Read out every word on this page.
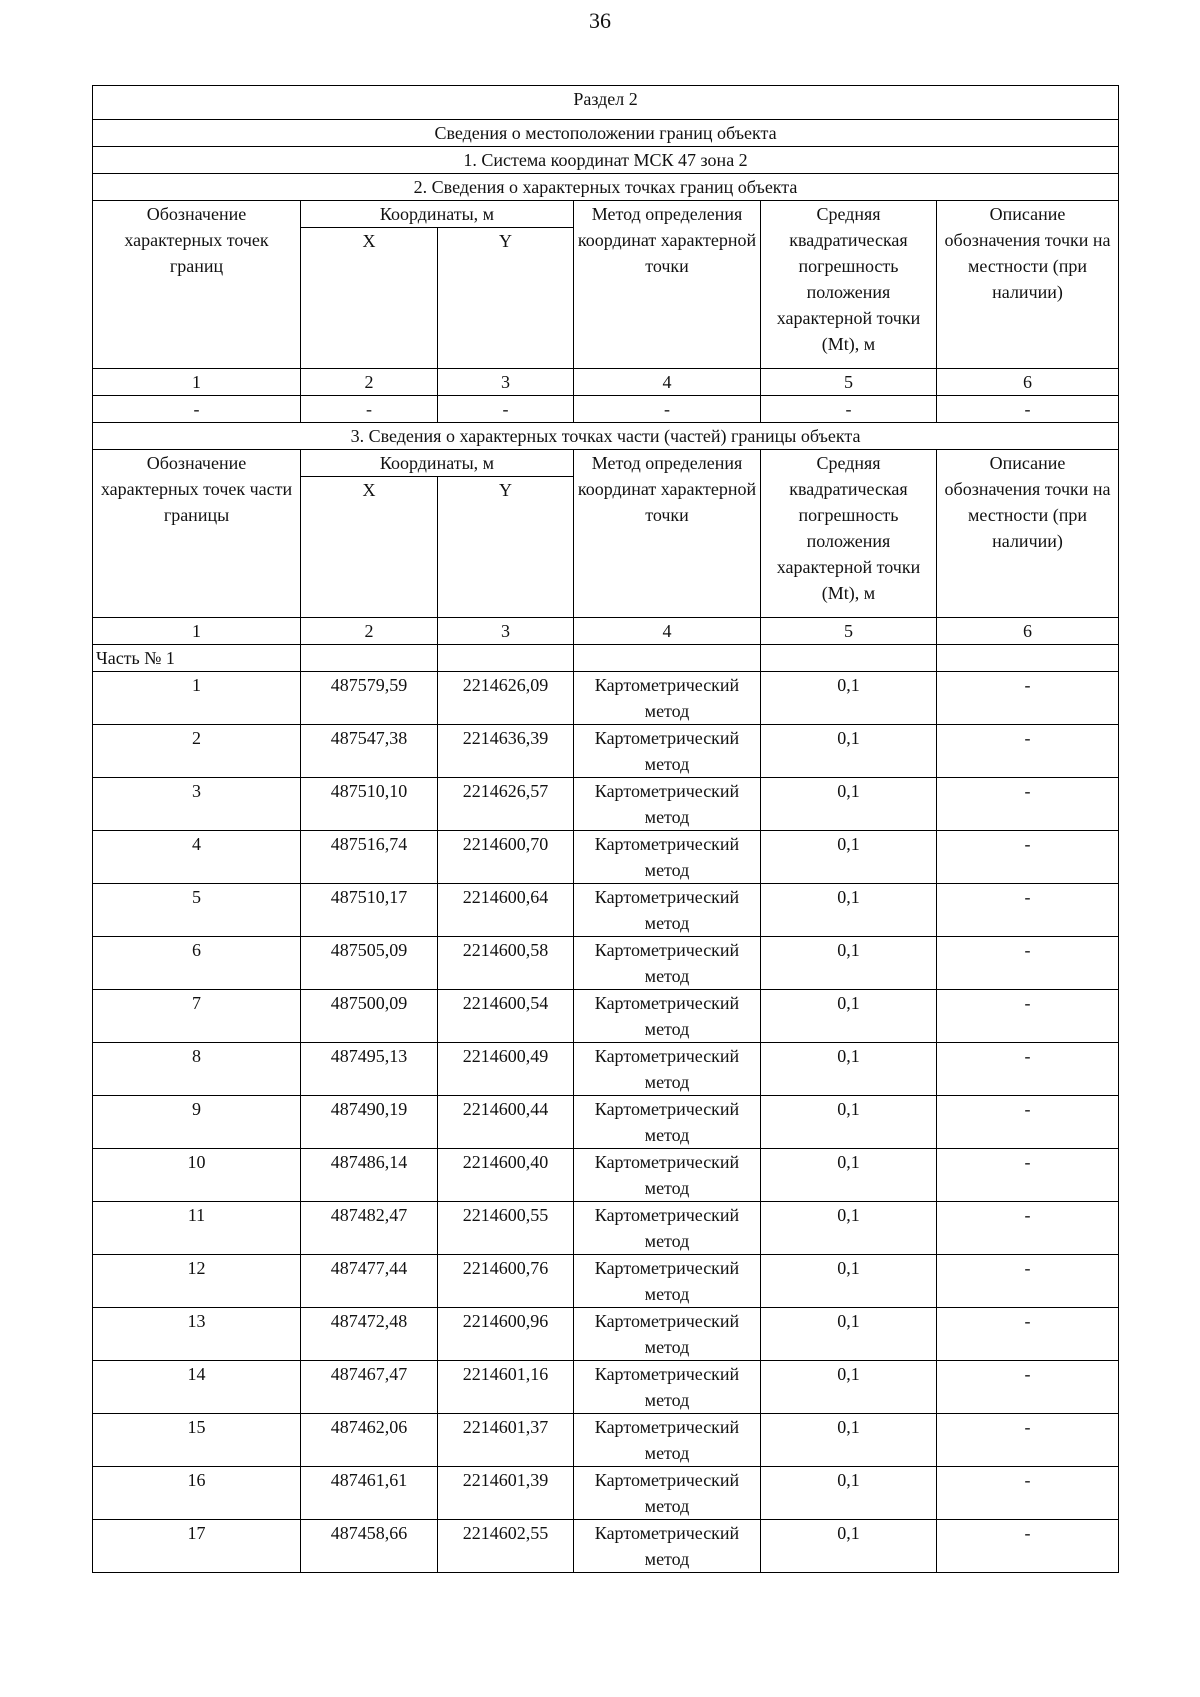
36
Раздел 2					
Сведения о местоположении границ объекта					
1. Система координат МСК 47 зона 2					
2. Сведения о характерных точках границ объекта					
Обозначение характерных точек границ	Координаты, м		Метод определения координат характерной точки	Средняя квадратическая погрешность положения характерной точки (Mt), м	Описание обозначения точки на местности (при наличии)
	X	Y			
1	2	3	4	5	6
-	-	-	-	-	-
3. Сведения о характерных точках части (частей) границы объекта					
Обозначение характерных точек части границы	Координаты, м		Метод определения координат характерной точки	Средняя квадратическая погрешность положения характерной точки (Mt), м	Описание обозначения точки на местности (при наличии)
	X	Y			
1	2	3	4	5	6
Часть № 1					
1	487579,59	2214626,09	Картометрический метод	0,1	-
2	487547,38	2214636,39	Картометрический метод	0,1	-
3	487510,10	2214626,57	Картометрический метод	0,1	-
4	487516,74	2214600,70	Картометрический метод	0,1	-
5	487510,17	2214600,64	Картометрический метод	0,1	-
6	487505,09	2214600,58	Картометрический метод	0,1	-
7	487500,09	2214600,54	Картометрический метод	0,1	-
8	487495,13	2214600,49	Картометрический метод	0,1	-
9	487490,19	2214600,44	Картометрический метод	0,1	-
10	487486,14	2214600,40	Картометрический метод	0,1	-
11	487482,47	2214600,55	Картометрический метод	0,1	-
12	487477,44	2214600,76	Картометрический метод	0,1	-
13	487472,48	2214600,96	Картометрический метод	0,1	-
14	487467,47	2214601,16	Картометрический метод	0,1	-
15	487462,06	2214601,37	Картометрический метод	0,1	-
16	487461,61	2214601,39	Картометрический метод	0,1	-
17	487458,66	2214602,55	Картометрический метод	0,1	-
